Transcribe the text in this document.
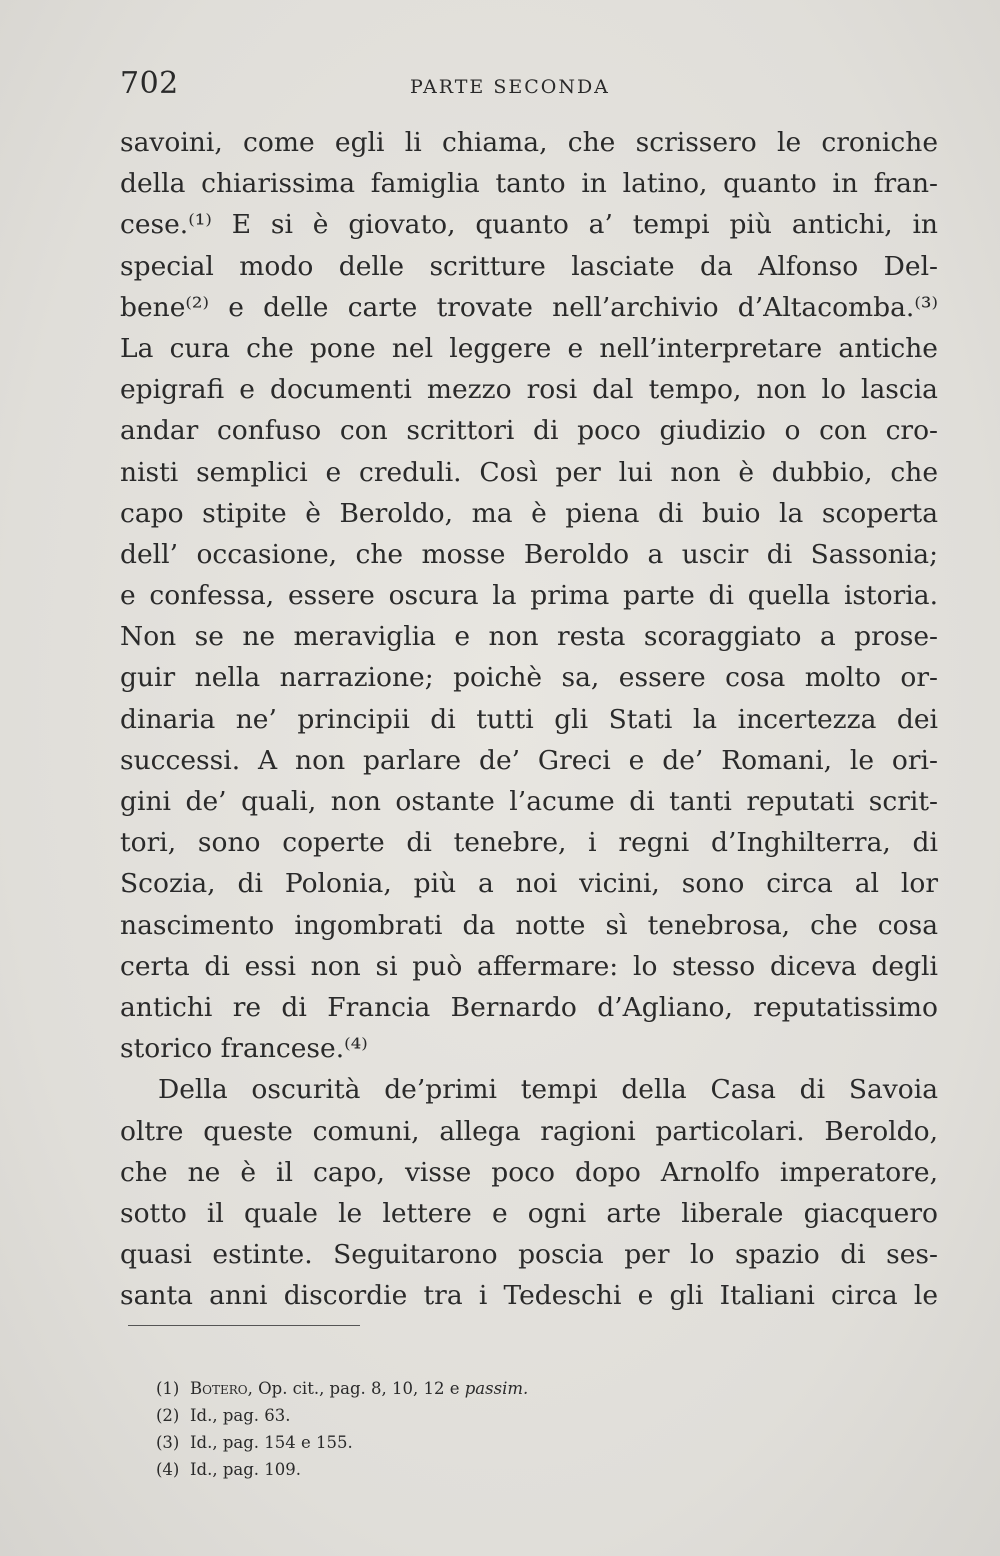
702	PARTE SECONDA
savoini, come egli li chiama, che scrissero le croniche
della chiarissima famiglia tanto in latino, quanto in fran-
cese.⁽¹⁾ E si è giovato, quanto a’ tempi più antichi, in
special modo delle scritture lasciate da Alfonso Del-
bene⁽²⁾ e delle carte trovate nell’archivio d’Altacomba.⁽³⁾
La cura che pone nel leggere e nell’interpretare antiche
epigrafi e documenti mezzo rosi dal tempo, non lo lascia
andar confuso con scrittori di poco giudizio o con cro-
nisti semplici e creduli. Così per lui non è dubbio, che
capo stipite è Beroldo, ma è piena di buio la scoperta
dell’ occasione, che mosse Beroldo a uscir di Sassonia;
e confessa, essere oscura la prima parte di quella istoria.
Non se ne meraviglia e non resta scoraggiato a prose-
guir nella narrazione; poichè sa, essere cosa molto or-
dinaria ne’ principii di tutti gli Stati la incertezza dei
successi. A non parlare de’ Greci e de’ Romani, le ori-
gini de’ quali, non ostante l’acume di tanti reputati scrit-
tori, sono coperte di tenebre, i regni d’Inghilterra, di
Scozia, di Polonia, più a noi vicini, sono circa al lor
nascimento ingombrati da notte sì tenebrosa, che cosa
certa di essi non si può affermare: lo stesso diceva degli
antichi re di Francia Bernardo d’Agliano, reputatissimo
storico francese.⁽⁴⁾
Della oscurità de’primi tempi della Casa di Savoia
oltre queste comuni, allega ragioni particolari. Beroldo,
che ne è il capo, visse poco dopo Arnolfo imperatore,
sotto il quale le lettere e ogni arte liberale giacquero
quasi estinte. Seguitarono poscia per lo spazio di ses-
santa anni discordie tra i Tedeschi e gli Italiani circa le
(1) Botero, Op. cit., pag. 8, 10, 12 e passim.
(2) Id., pag. 63.
(3) Id., pag. 154 e 155.
(4) Id., pag. 109.
